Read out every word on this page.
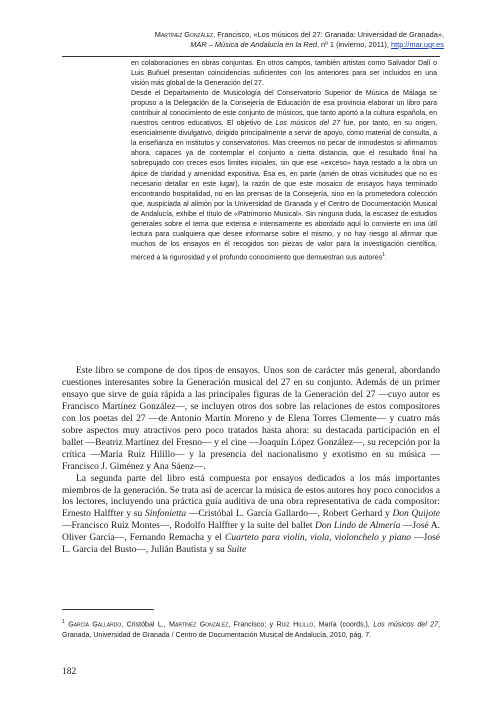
Martínez González, Francisco, «Los músicos del 27: Granada: Universidad de Granada»,
MAR – Música de Andalucía en la Red, nº 1 (invierno, 2011), http://mar.ugr.es

en colaboraciones en obras conjuntas. En otros campos, también artistas como Salvador Dalí o Luis Buñuel presentan coincidencias suficientes con los anteriores para ser incluidos en una visión más global de la Generación del 27.

Desde el Departamento de Musicología del Conservatorio Superior de Música de Málaga se propuso a la Delegación de la Consejería de Educación de esa provincia elaborar un libro para contribuir al conocimiento de este conjunto de músicos, que tanto aportó a la cultura española, en nuestros centros educativos. El objetivo de Los músicos del 27 fue, por tanto, en su origen, esencialmente divulgativo, dirigido principalmente a servir de apoyo, como material de consulta, a la enseñanza en institutos y conservatorios. Mas creemos no pecar de inmodestos si afirmamos ahora, capaces ya de contemplar el conjunto a cierta distancia, que el resultado final ha sobrepujado con creces esos límites iniciales, sin que ese «exceso» haya restado a la obra un ápice de claridad y amenidad expositiva. Ésa es, en parte (amén de otras vicisitudes que no es necesario detallar en este lugar), la razón de que este mosaico de ensayos haya terminado encontrando hospitalidad, no en las prensas de la Consejería, sino en la prometedora colección que, auspiciada al alimón por la Universidad de Granada y el Centro de Documentación Musical de Andalucía, exhibe el título de «Patrimonio Musical». Sin ninguna duda, la escasez de estudios generales sobre el tema que extensa e intensamente es abordado aquí lo convierte en una útil lectura para cualquiera que desee informarse sobre el mismo, y no hay riesgo al afirmar que muchos de los ensayos en él recogidos son piezas de valor para la investigación científica, merced a la rigurosidad y el profundo conocimiento que demuestran sus autores$^1$.

Este libro se compone de dos tipos de ensayos. Unos son de carácter más general, abordando cuestiones interesantes sobre la Generación musical del 27 en su conjunto. Además de un primer ensayo que sirve de guía rápida a las principales figuras de la Generación del 27 —cuyo autor es Francisco Martínez González—, se incluyen otros dos sobre las relaciones de estos compositores con los poetas del 27 —de Antonio Martín Moreno y de Elena Torres Clemente— y cuatro más sobre aspectos muy atractivos pero poco tratados hasta ahora: su destacada participación en el ballet —Beatriz Martínez del Fresno— y el cine —Joaquín López González—, su recepción por la crítica —María Ruiz Hilillo— y la presencia del nacionalismo y exotismo en su música —Francisco J. Giménez y Ana Sáenz—.

La segunda parte del libro está compuesta por ensayos dedicados a los más importantes miembros de la generación. Se trata así de acercar la música de estos autores hoy poco conocidos a los lectores, incluyendo una práctica guía auditiva de una obra representativa de cada compositor: Ernesto Halffter y su Sinfonietta —Cristóbal L. García Gallardo—, Robert Gerhard y Don Quijote —Francisco Ruiz Montes—, Rodolfo Halffter y la suite del ballet Don Lindo de Almería —José A. Oliver García—, Fernando Remacha y el Cuarteto para violín, viola, violonchelo y piano —José L. García del Busto—, Julián Bautista y su Suite

$^1$ García Gallardo, Cristóbal L., Martínez González, Francisco; y Ruiz Hilillo, María (coords.), Los músicos del 27, Granada, Universidad de Granada / Centro de Documentación Musical de Andalucía, 2010, pág. 7.

182
